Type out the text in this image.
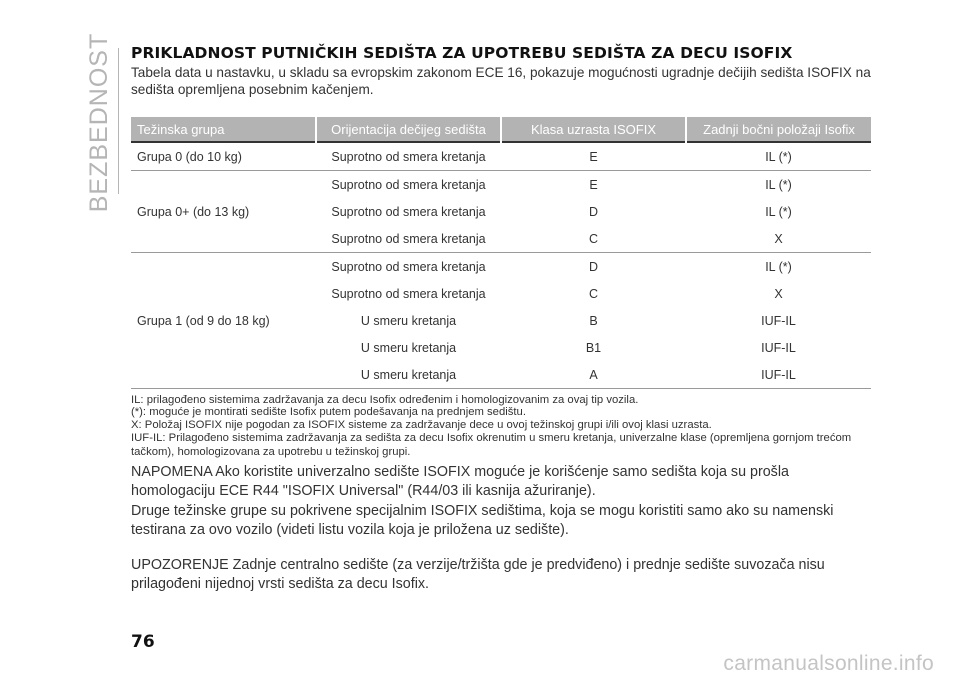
BEZBEDNOST PRIKLADNOST PUTNIČKIH SEDIŠTA ZA UPOTREBU SEDIŠTA ZA DECU ISOFIX

Tabela data u nastavku, u skladu sa evropskim zakonom ECE 16, pokazuje mogućnosti ugradnje dečijih sedišta ISOFIX na sedišta opremljena posebnim kačenjem.

Težinska grupa	Orijentacija dečijeg sedišta	Klasa uzrasta ISOFIX	Zadnji bočni položaji Isofix
Grupa 0 (do 10 kg)	Suprotno od smera kretanja	E	IL (*)
Grupa 0+ (do 13 kg)	Suprotno od smera kretanja	E	IL (*)
	Suprotno od smera kretanja	D	IL (*)
	Suprotno od smera kretanja	C	X
Grupa 1 (od 9 do 18 kg)	Suprotno od smera kretanja	D	IL (*)
	Suprotno od smera kretanja	C	X
	U smeru kretanja	B	IUF-IL
	U smeru kretanja	B1	IUF-IL
	U smeru kretanja	A	IUF-IL

IL: prilagođeno sistemima zadržavanja za decu Isofix određenim i homologizovanim za ovaj tip vozila.

(*): moguće je montirati sedište Isofix putem podešavanja na prednjem sedištu.

X: Položaj ISOFIX nije pogodan za ISOFIX sisteme za zadržavanje dece u ovoj težinskoj grupi i/ili ovoj klasi uzrasta.

IUF-IL: Prilagođeno sistemima zadržavanja za sedišta za decu Isofix okrenutim u smeru kretanja, univerzalne klase (opremljena gornjom trećom tačkom), homologizovana za upotrebu u težinskoj grupi.

NAPOMENA Ako koristite univerzalno sedište ISOFIX moguće je korišćenje samo sedišta koja su prošla homologaciju ECE R44 "ISOFIX Universal" (R44/03 ili kasnija ažuriranje).

Druge težinske grupe su pokrivene specijalnim ISOFIX sedištima, koja se mogu koristiti samo ako su namenski testirana za ovo vozilo (videti listu vozila koja je priložena uz sedište).

UPOZORENJE Zadnje centralno sedište (za verzije/tržišta gde je predviđeno) i prednje sedište suvozača nisu prilagođeni nijednoj vrsti sedišta za decu Isofix.

76
carmanualsonline.info
